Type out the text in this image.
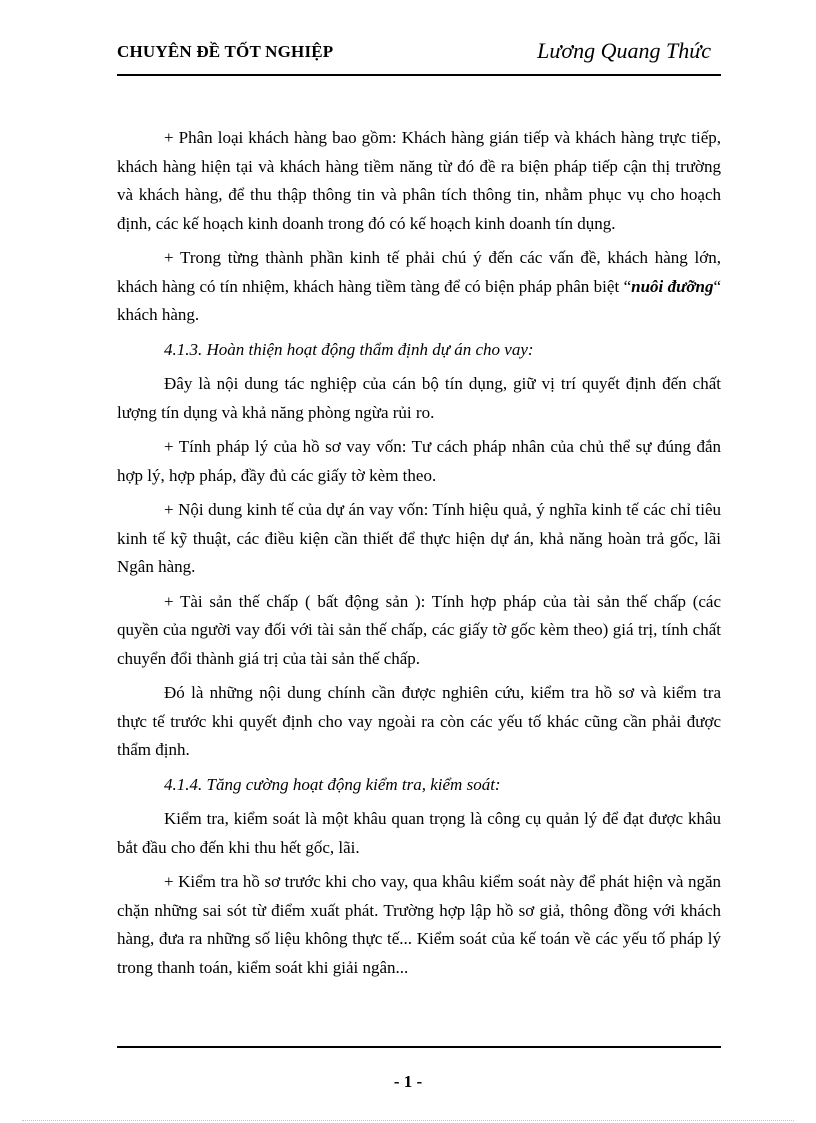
CHUYÊN ĐỀ TỐT NGHIỆP	Lương Quang Thức

+ Phân loại khách hàng bao gồm: Khách hàng gián tiếp và khách hàng trực tiếp, khách hàng hiện tại và khách hàng tiềm năng từ đó đề ra biện pháp tiếp cận thị trường và khách hàng, để thu thập thông tin và phân tích thông tin, nhằm phục vụ cho hoạch định, các kế hoạch kinh doanh trong đó có kế hoạch kinh doanh tín dụng.

+ Trong từng thành phần kinh tế phải chú ý đến các vấn đề, khách hàng lớn, khách hàng có tín nhiệm, khách hàng tiềm tàng để có biện pháp phân biệt “nuôi đưỡng“ khách hàng.

4.1.3. Hoàn thiện hoạt động thẩm định dự án cho vay:

Đây là nội dung tác nghiệp của cán bộ tín dụng, giữ vị trí quyết định đến chất lượng tín dụng và khả năng phòng ngừa rủi ro.

+ Tính pháp lý của hồ sơ vay vốn: Tư cách pháp nhân của chủ thể sự đúng đắn hợp lý, hợp pháp, đầy đủ các giấy tờ kèm theo.

+ Nội dung kinh tế của dự án vay vốn: Tính hiệu quả, ý nghĩa kinh tế các chỉ tiêu kinh tế kỹ thuật, các điều kiện cần thiết để thực hiện dự án, khả năng hoàn trả gốc, lãi Ngân hàng.

+ Tài sản thế chấp ( bất động sản ): Tính hợp pháp của tài sản thế chấp (các quyền của người vay đối với tài sản thế chấp, các giấy tờ gốc kèm theo) giá trị, tính chất chuyển đổi thành giá trị của tài sản thế chấp.

Đó là những nội dung chính cần được nghiên cứu, kiểm tra hồ sơ và kiểm tra thực tế trước khi quyết định cho vay ngoài ra còn các yếu tố khác cũng cần phải được thẩm định.

4.1.4. Tăng cường hoạt động kiểm tra, kiểm soát:

Kiểm tra, kiểm soát là một khâu quan trọng là công cụ quản lý để đạt được khâu bắt đầu cho đến khi thu hết gốc, lãi.

+ Kiểm tra hồ sơ trước khi cho vay, qua khâu kiểm soát này để phát hiện và ngăn chặn những sai sót từ điểm xuất phát. Trường hợp lập hồ sơ giả, thông đồng với khách hàng, đưa ra những số liệu không thực tế... Kiểm soát của kế toán về các yếu tố pháp lý trong thanh toán, kiểm soát khi giải ngân...

- 1 -
